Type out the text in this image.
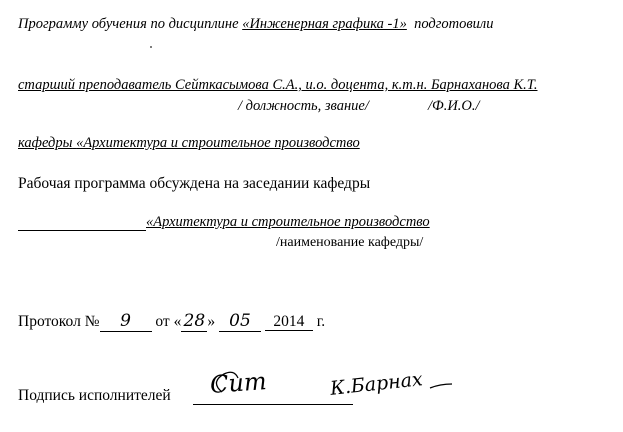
Программу обучения по дисциплине «Инженерная графика -1» подготовили
старший преподаватель Сейткасымова С.А., и.о. доцента, к.т.н. Барнаханова К.Т.
/ должность, звание/	/Ф.И.О./
кафедры «Архитектура и строительное производство
Рабочая программа обсуждена на заседании кафедры
«Архитектура и строительное производство
/наименование кафедры/
Протокол № 9 от « 28 » 05 2014 г.
Подпись исполнителей Сит	К.Барнах
